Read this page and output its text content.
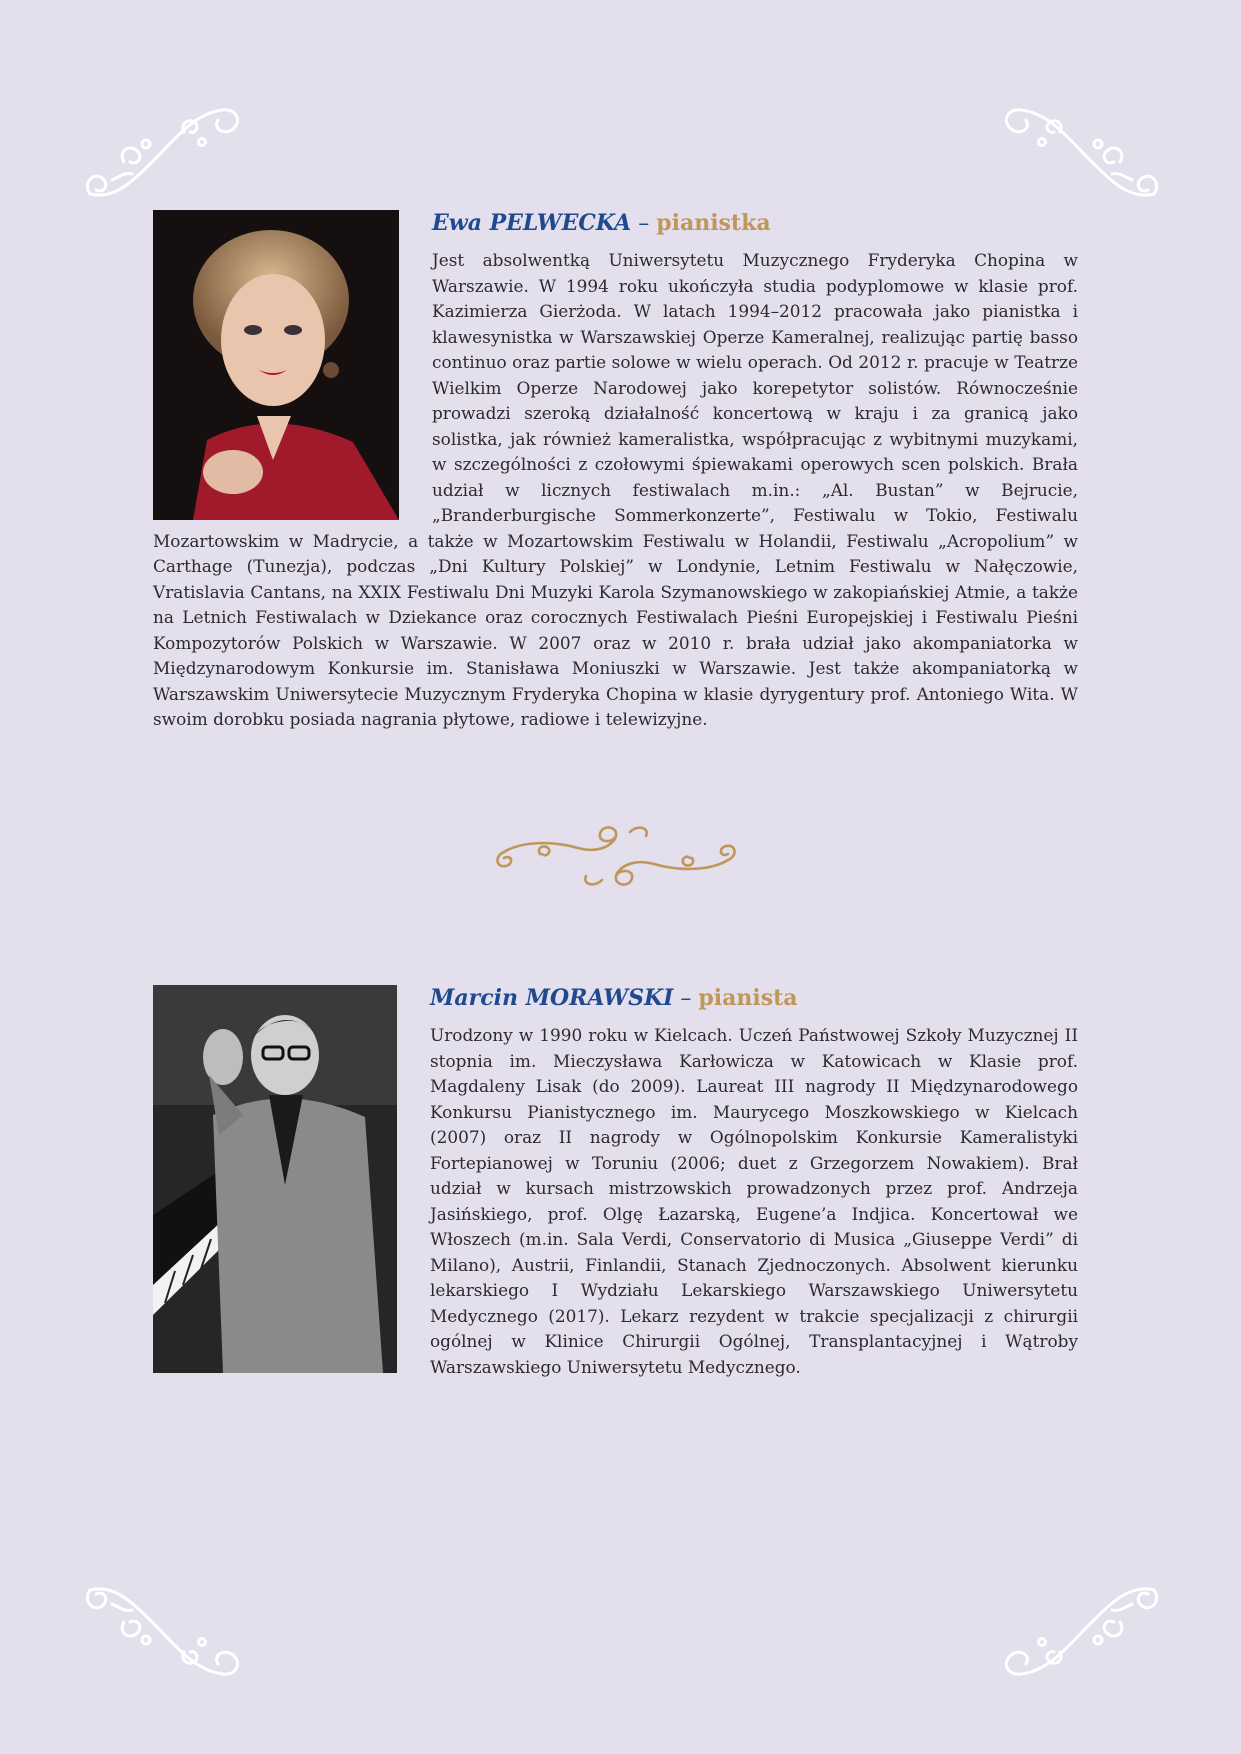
Ewa PELWECKA – pianistka

Jest absolwentką Uniwersytetu Muzycznego Fryderyka Chopina w Warszawie. W 1994 roku ukończyła studia podyplomowe w klasie prof. Kazimierza Gierżoda. W latach 1994–2012 pracowała jako pianistka i klawesynistka w Warszawskiej Operze Kameralnej, realizując partię basso continuo oraz partie solowe w wielu operach. Od 2012 r. pracuje w Teatrze Wielkim Operze Narodowej jako korepetytor solistów. Równocześnie prowadzi szeroką działalność koncertową w kraju i za granicą jako solistka, jak również kameralistka, współpracując z wybitnymi muzykami, w szczególności z czołowymi śpiewakami operowych scen polskich. Brała udział w licznych festiwalach m.in.: „Al. Bustan” w Bejrucie, „Branderburgische Sommerkonzerte”, Festiwalu w Tokio, Festiwalu Mozartowskim w Madrycie, a także w Mozartowskim Festiwalu w Holandii, Festiwalu „Acropolium” w Carthage (Tunezja), podczas „Dni Kultury Polskiej” w Londynie, Letnim Festiwalu w Nałęczowie, Vratislavia Cantans, na XXIX Festiwalu Dni Muzyki Karola Szymanowskiego w zakopiańskiej Atmie, a także na Letnich Festiwalach w Dziekance oraz corocznych Festiwalach Pieśni Europejskiej i Festiwalu Pieśni Kompozytorów Polskich w Warszawie. W 2007 oraz w 2010 r. brała udział jako akompaniatorka w Międzynarodowym Konkursie im. Stanisława Moniuszki w Warszawie. Jest także akompaniatorką w Warszawskim Uniwersytecie Muzycznym Fryderyka Chopina w klasie dyrygentury prof. Antoniego Wita. W swoim dorobku posiada nagrania płytowe, radiowe i telewizyjne.

Marcin MORAWSKI – pianista

Urodzony w 1990 roku w Kielcach. Uczeń Państwowej Szkoły Muzycznej II stopnia im. Mieczysława Karłowicza w Katowicach w Klasie prof. Magdaleny Lisak (do 2009). Laureat III nagrody II Międzynarodowego Konkursu Pianistycznego im. Maurycego Moszkowskiego w Kielcach (2007) oraz II nagrody w Ogólnopolskim Konkursie Kameralistyki Fortepianowej w Toruniu (2006; duet z Grzegorzem Nowakiem). Brał udział w kursach mistrzowskich prowadzonych przez prof. Andrzeja Jasińskiego, prof. Olgę Łazarską, Eugene’a Indjica. Koncertował we Włoszech (m.in. Sala Verdi, Conservatorio di Musica „Giuseppe Verdi” di Milano), Austrii, Finlandii, Stanach Zjednoczonych. Absolwent kierunku lekarskiego I Wydziału Lekarskiego Warszawskiego Uniwersytetu Medycznego (2017). Lekarz rezydent w trakcie specjalizacji z chirurgii ogólnej w Klinice Chirurgii Ogólnej, Transplantacyjnej i Wątroby Warszawskiego Uniwersytetu Medycznego.
